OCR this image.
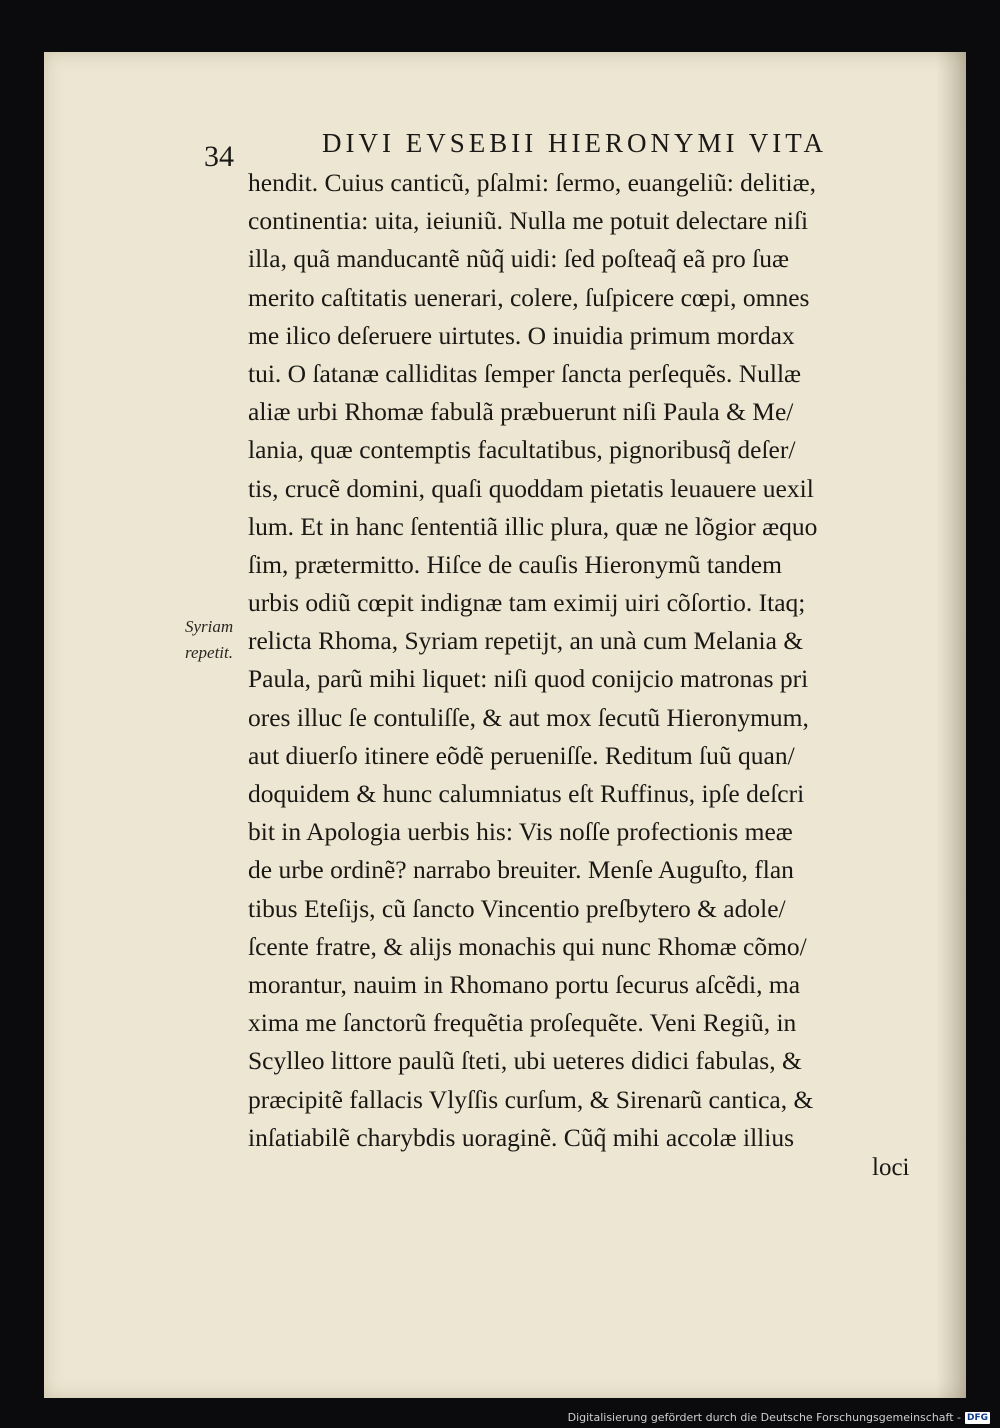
34	DIVI EVSEBII HIERONYMI VITA
Syriam
repetit.
hendit. Cuius canticũ, pſalmi: ſermo, euangeliũ: delitiæ,
continentia: uita, ieiuniũ. Nulla me potuit delectare niſi
illa, quã manducantẽ nũq̃ uidi: ſed poſteaq̃ eã pro ſuæ
merito caſtitatis uenerari, colere, ſuſpicere cœpi, omnes
me ilico deſeruere uirtutes. O inuidia primum mordax
tui. O ſatanæ calliditas ſemper ſancta perſequẽs. Nullæ
aliæ urbi Rhomæ fabulã præbuerunt niſi Paula & Me/
lania, quæ contemptis facultatibus, pignoribusq̃ deſer/
tis, crucẽ domini, quaſi quoddam pietatis leuauere uexil
lum. Et in hanc ſententiã illic plura, quæ ne lõgior æquo
ſim, prætermitto. Hiſce de cauſis Hieronymũ tandem
urbis odiũ cœpit indignæ tam eximij uiri cõſortio. Itaq;
relicta Rhoma, Syriam repetijt, an unà cum Melania &
Paula, parũ mihi liquet: niſi quod conijcio matronas pri
ores illuc ſe contuliſſe, & aut mox ſecutũ Hieronymum,
aut diuerſo itinere eõdẽ perueniſſe. Reditum ſuũ quan/
doquidem & hunc calumniatus eſt Ruffinus, ipſe deſcri
bit in Apologia uerbis his: Vis noſſe profectionis meæ
de urbe ordinẽ? narrabo breuiter. Menſe Auguſto, flan
tibus Eteſijs, cũ ſancto Vincentio preſbytero & adole/
ſcente fratre, & alijs monachis qui nunc Rhomæ cõmo/
morantur, nauim in Rhomano portu ſecurus aſcẽdi, ma
xima me ſanctorũ frequẽtia proſequẽte. Veni Regiũ, in
Scylleo littore paulũ ſteti, ubi ueteres didici fabulas, &
præcipitẽ fallacis Vlyſſis curſum, & Sirenarũ cantica, &
inſatiabilẽ charybdis uoraginẽ. Cũq̃ mihi accolæ illius
loci
Digitalisierung gefördert durch die Deutsche Forschungsgemeinschaft - DFG
